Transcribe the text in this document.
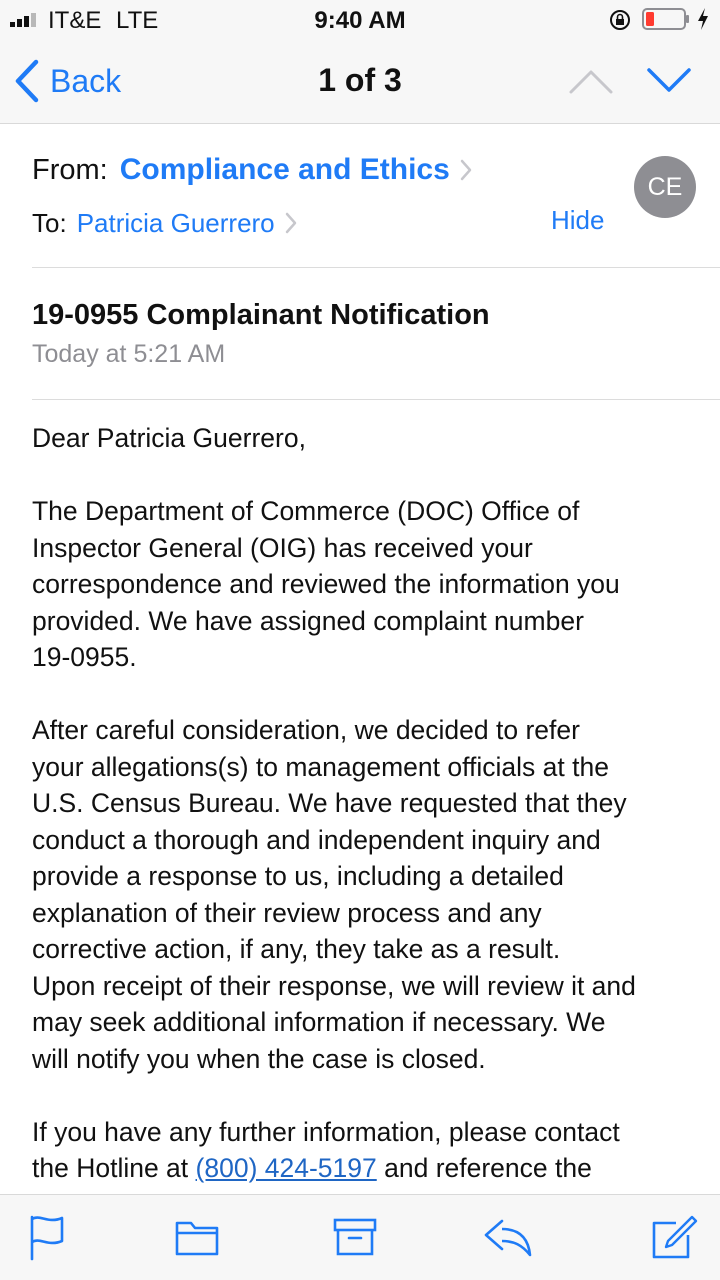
IT&E LTE	9:40 AM
Back	1 of 3
From: Compliance and Ethics
CE
To: Patricia Guerrero	Hide
19-0955 Complainant Notification
Today at 5:21 AM

Dear Patricia Guerrero,

The Department of Commerce (DOC) Office of
Inspector General (OIG) has received your
correspondence and reviewed the information you
provided. We have assigned complaint number
19-0955.

After careful consideration, we decided to refer
your allegations(s) to management officials at the
U.S. Census Bureau. We have requested that they
conduct a thorough and independent inquiry and
provide a response to us, including a detailed
explanation of their review process and any
corrective action, if any, they take as a result.
Upon receipt of their response, we will review it and
may seek additional information if necessary. We
will notify you when the case is closed.

If you have any further information, please contact
the Hotline at (800) 424-5197 and reference the
